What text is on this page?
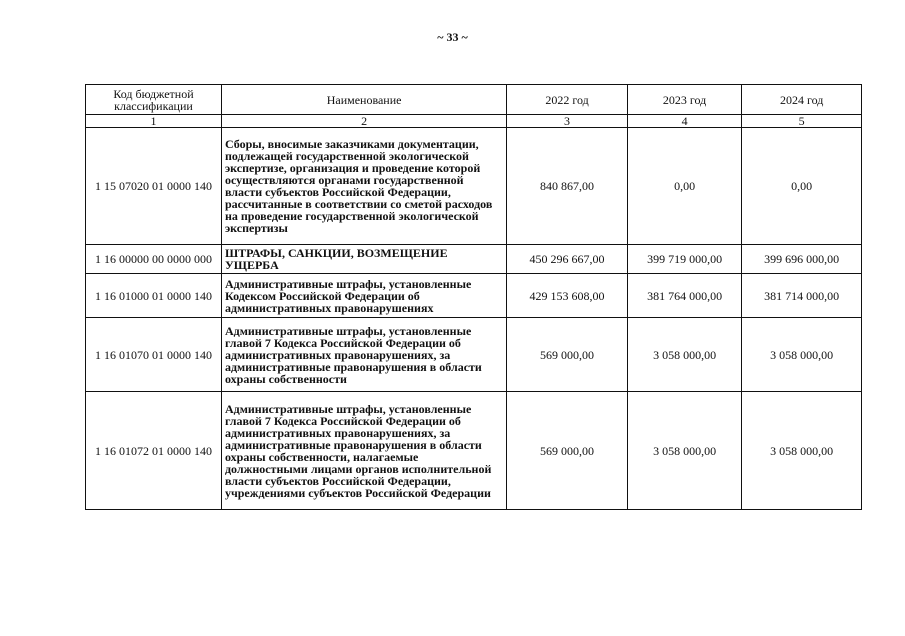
~ 33 ~
Код бюджетной классификации	Наименование	2022 год	2023 год	2024 год
1	2	3	4	5
1 15 07020 01 0000 140	Сборы, вносимые заказчиками документации, подлежащей государственной экологической экспертизе, организация и проведение которой осуществляются органами государственной власти субъектов Российской Федерации, рассчитанные в соответствии со сметой расходов на проведение государственной экологической экспертизы	840 867,00	0,00	0,00
1 16 00000 00 0000 000	ШТРАФЫ, САНКЦИИ, ВОЗМЕЩЕНИЕ УЩЕРБА	450 296 667,00	399 719 000,00	399 696 000,00
1 16 01000 01 0000 140	Административные штрафы, установленные Кодексом Российской Федерации об административных правонарушениях	429 153 608,00	381 764 000,00	381 714 000,00
1 16 01070 01 0000 140	Административные штрафы, установленные главой 7 Кодекса Российской Федерации об административных правонарушениях, за административные правонарушения в области охраны собственности	569 000,00	3 058 000,00	3 058 000,00
1 16 01072 01 0000 140	Административные штрафы, установленные главой 7 Кодекса Российской Федерации об административных правонарушениях, за административные правонарушения в области охраны собственности, налагаемые должностными лицами органов исполнительной власти субъектов Российской Федерации, учреждениями субъектов Российской Федерации	569 000,00	3 058 000,00	3 058 000,00
